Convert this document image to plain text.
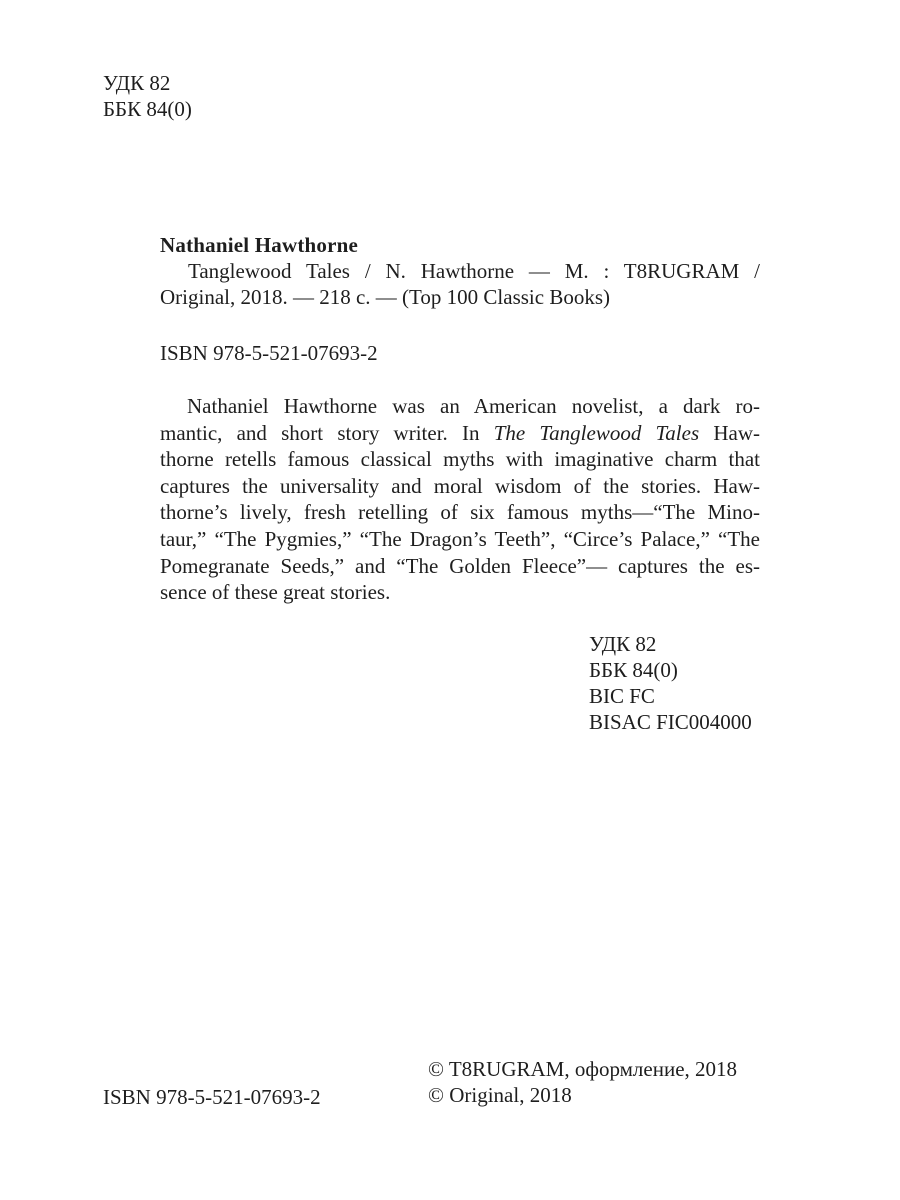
УДК 82
ББК 84(0)
Nathaniel Hawthorne
Tanglewood Tales / N. Hawthorne — M. : T8RUGRAM /
Original, 2018. — 218 c. — (Top 100 Classic Books)
ISBN 978-5-521-07693-2
Nathaniel Hawthorne was an American novelist, a dark ro-
mantic, and short story writer. In The Tanglewood Tales Haw-
thorne retells famous classical myths with imaginative charm that
captures the universality and moral wisdom of the stories. Haw-
thorne’s lively, fresh retelling of six famous myths—“The Mino-
taur,” “The Pygmies,” “The Dragon’s Teeth”, “Circe’s Palace,” “The
Pomegranate Seeds,” and “The Golden Fleece”— captures the es-
sence of these great stories.
УДК 82
ББК 84(0)
BIC FC
BISAC FIC004000
ISBN 978-5-521-07693-2
© T8RUGRAM, оформление, 2018
© Original, 2018
